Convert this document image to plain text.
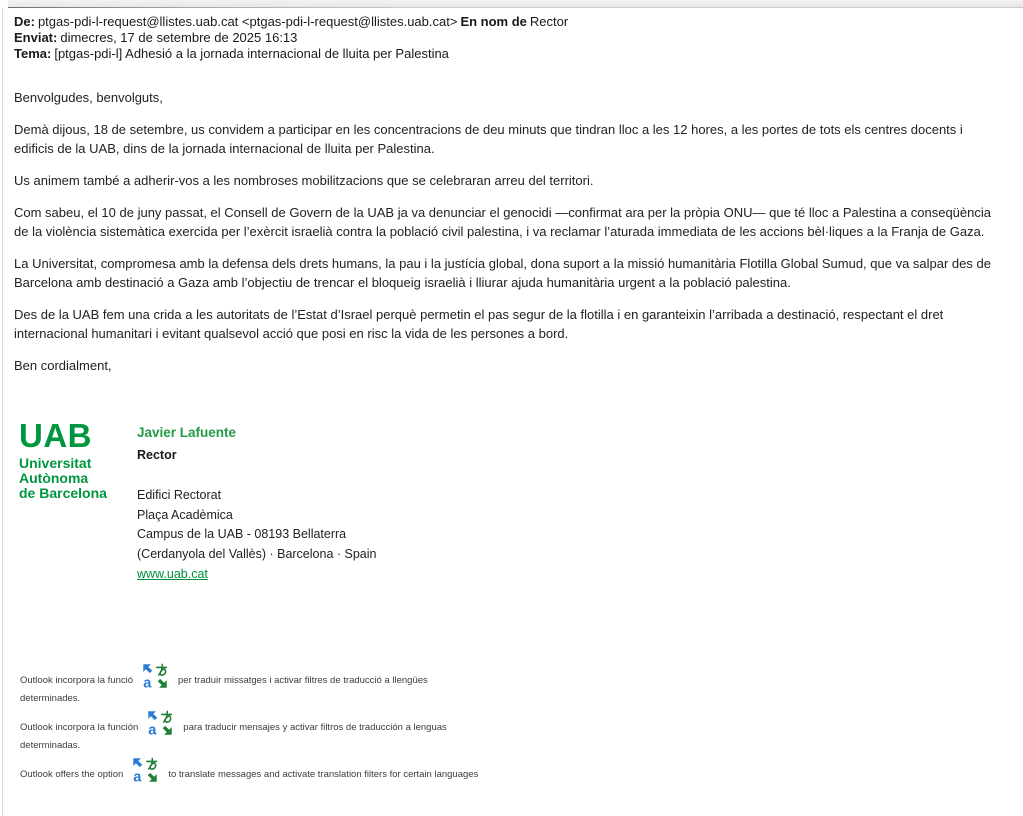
De: ptgas-pdi-l-request@llistes.uab.cat <ptgas-pdi-l-request@llistes.uab.cat> En nom de Rector
Enviat: dimecres, 17 de setembre de 2025 16:13
Tema: [ptgas-pdi-l] Adhesió a la jornada internacional de lluita per Palestina

Benvolgudes, benvolguts,

Demà dijous, 18 de setembre, us convidem a participar en les concentracions de deu minuts que tindran lloc a les 12 hores, a les portes de tots els centres docents i edificis de la UAB, dins de la jornada internacional de lluita per Palestina.

Us animem també a adherir-vos a les nombroses mobilitzacions que se celebraran arreu del territori.

Com sabeu, el 10 de juny passat, el Consell de Govern de la UAB ja va denunciar el genocidi —confirmat ara per la pròpia ONU— que té lloc a Palestina a conseqüència de la violència sistemàtica exercida per l’exèrcit israelià contra la població civil palestina, i va reclamar l’aturada immediata de les accions bèl·liques a la Franja de Gaza.

La Universitat, compromesa amb la defensa dels drets humans, la pau i la justícia global, dona suport a la missió humanitària Flotilla Global Sumud, que va salpar des de Barcelona amb destinació a Gaza amb l’objectiu de trencar el bloqueig israelià i lliurar ajuda humanitària urgent a la població palestina.

Des de la UAB fem una crida a les autoritats de l’Estat d’Israel perquè permetin el pas segur de la flotilla i en garanteixin l’arribada a destinació, respectant el dret internacional humanitari i evitant qualsevol acció que posi en risc la vida de les persones a bord.

Ben cordialment,

UAB
Universitat
Autònoma
de Barcelona
Javier Lafuente
Rector
Edifici Rectorat
Plaça Acadèmica
Campus de la UAB - 08193 Bellaterra
(Cerdanyola del Vallès) · Barcelona · Spain
www.uab.cat
Outlook incorpora la funció a	per traduir missatges i activar filtres de traducció a llengües
determinades.
Outlook incorpora la función a	para traducir mensajes y activar filtros de traducción a lenguas
determinadas.
Outlook offers the option a	to translate messages and activate translation filters for certain languages
